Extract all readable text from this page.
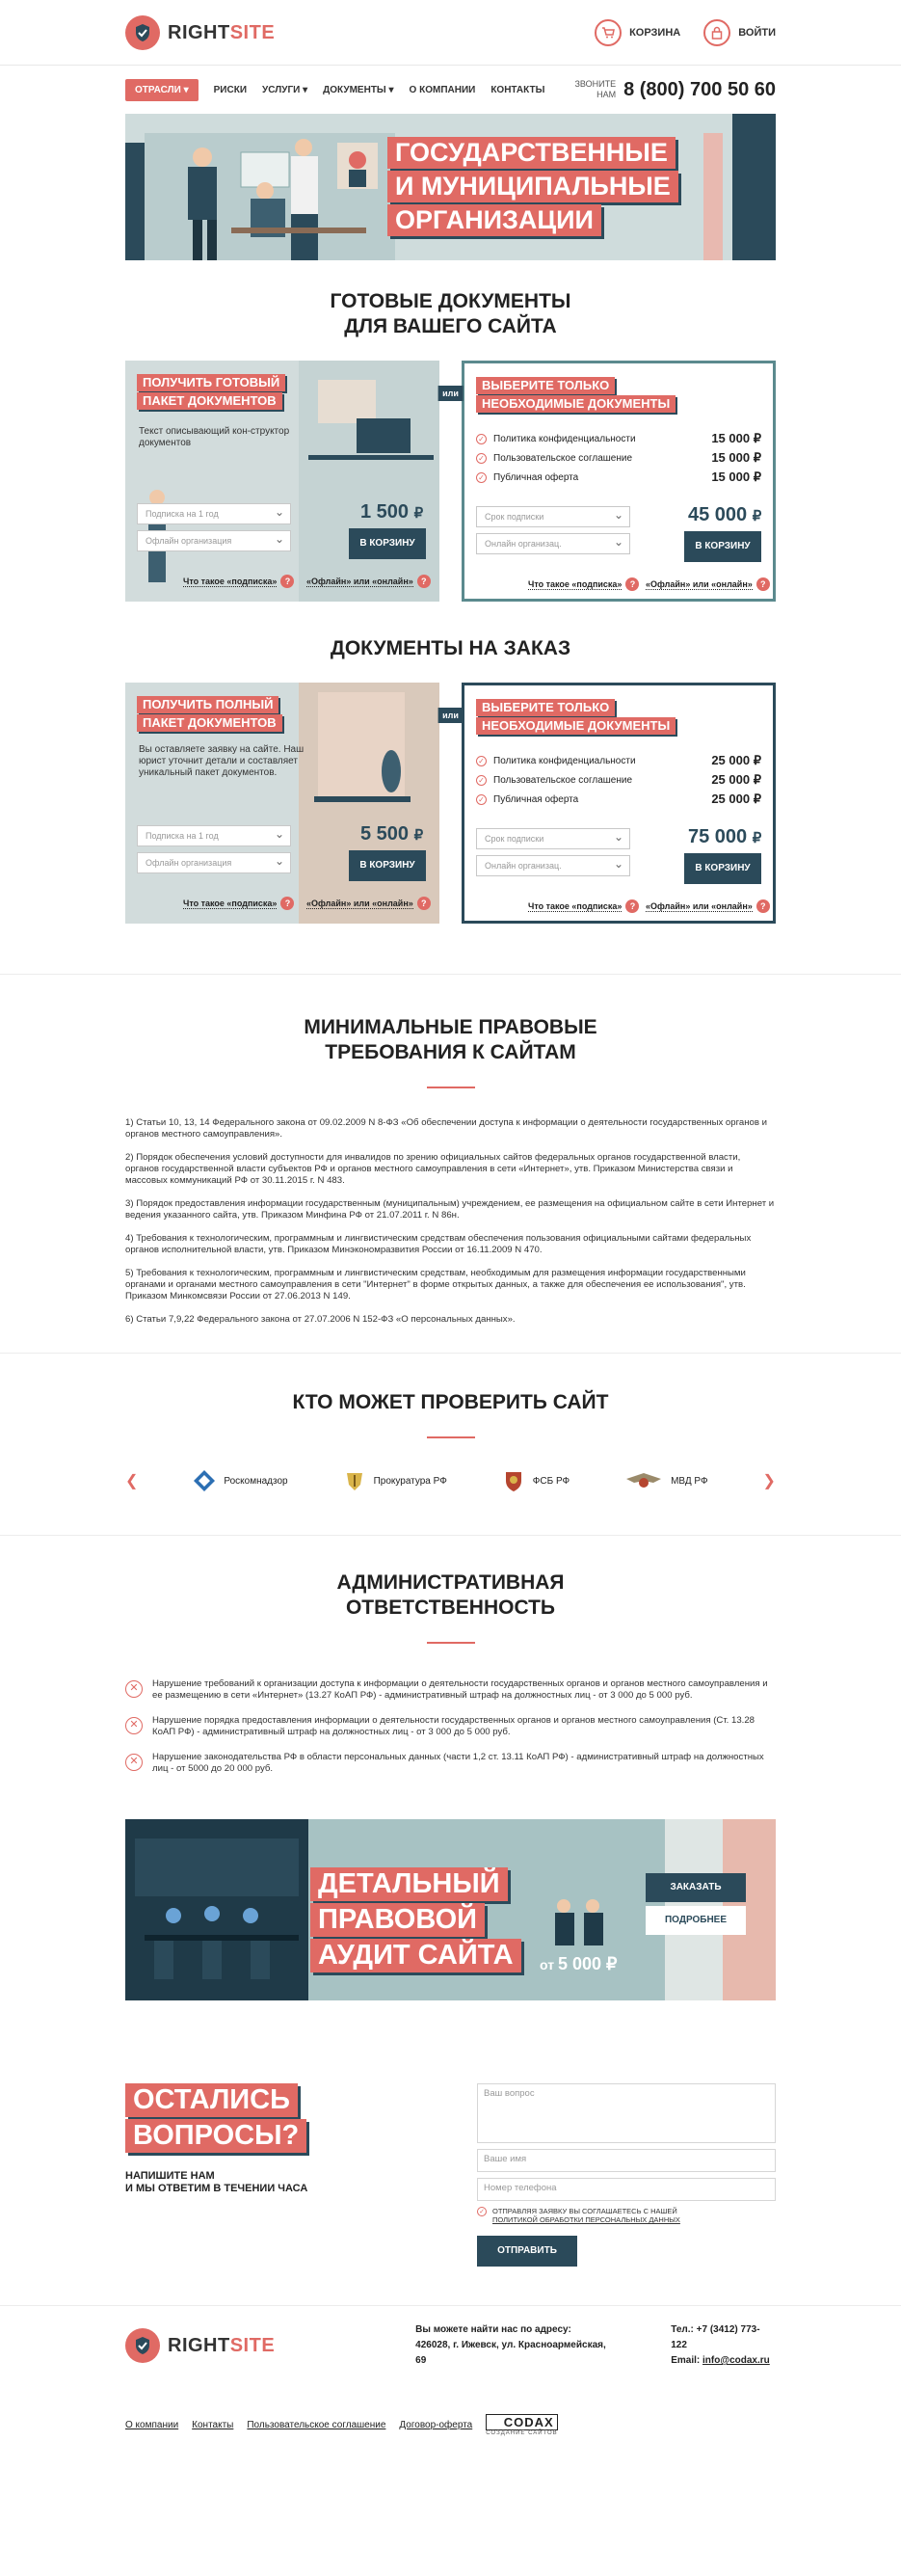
RIGHTSITE	КОРЗИНА	ВОЙТИ
ОТРАСЛИ ▾	РИСКИ УСЛУГИ ▾ ДОКУМЕНТЫ ▾ О КОМПАНИИ КОНТАКТЫ
ЗВОНИТЕ НАМ 8 (800) 700 50 60
ГОСУДАРСТВЕННЫЕ
И МУНИЦИПАЛЬНЫЕ
ОРГАНИЗАЦИИ
ГОТОВЫЕ ДОКУМЕНТЫ
ДЛЯ ВАШЕГО САЙТА
ПОЛУЧИТЬ ГОТОВЫЙ
ПАКЕТ ДОКУМЕНТОВ
Текст описывающий кон-структор документов
Подписка на 1 год ⌄
Офлайн организация ⌄
1 500 ₽
В КОРЗИНУ
Что такое «подписка» ?	«Офлайн» или «онлайн» ?
или
ВЫБЕРИТЕ ТОЛЬКО
НЕОБХОДИМЫЕ ДОКУМЕНТЫ
✓ Политика конфиденциальности	15 000 ₽
✓ Пользовательское соглашение	15 000 ₽
✓ Публичная оферта	15 000 ₽
Срок подписки ⌄
Онлайн организац. ⌄
45 000 ₽
В КОРЗИНУ
Что такое «подписка» ?	«Офлайн» или «онлайн» ?
ДОКУМЕНТЫ НА ЗАКАЗ
ПОЛУЧИТЬ ПОЛНЫЙ
ПАКЕТ ДОКУМЕНТОВ
Вы оставляете заявку на сайте. Наш юрист уточнит детали и составляет уникальный пакет документов.
Подписка на 1 год ⌄
Офлайн организация ⌄
5 500 ₽
В КОРЗИНУ
Что такое «подписка» ?	«Офлайн» или «онлайн» ?
или
ВЫБЕРИТЕ ТОЛЬКО
НЕОБХОДИМЫЕ ДОКУМЕНТЫ
✓ Политика конфиденциальности	25 000 ₽
✓ Пользовательское соглашение	25 000 ₽
✓ Публичная оферта	25 000 ₽
Срок подписки ⌄
Онлайн организац. ⌄
75 000 ₽
В КОРЗИНУ
Что такое «подписка» ?	«Офлайн» или «онлайн» ?
МИНИМАЛЬНЫЕ ПРАВОВЫЕ
ТРЕБОВАНИЯ К САЙТАМ

1) Статьи 10, 13, 14 Федерального закона от 09.02.2009 N 8-ФЗ «Об обеспечении доступа к информации о деятельности государственных органов и органов местного самоуправления».

2) Порядок обеспечения условий доступности для инвалидов по зрению официальных сайтов федеральных органов государственной власти, органов государственной власти субъектов РФ и органов местного самоуправления в сети «Интернет», утв. Приказом Министерства связи и массовых коммуникаций РФ от 30.11.2015 г. N 483.

3) Порядок предоставления информации государственным (муниципальным) учреждением, ее размещения на официальном сайте в сети Интернет и ведения указанного сайта, утв. Приказом Минфина РФ от 21.07.2011 г. N 86н.

4) Требования к технологическим, программным и лингвистическим средствам обеспечения пользования официальными сайтами федеральных органов исполнительной власти, утв. Приказом Минэкономразвития России от 16.11.2009 N 470.

5) Требования к технологическим, программным и лингвистическим средствам, необходимым для размещения информации государственными органами и органами местного самоуправления в сети "Интернет" в форме открытых данных, а также для обеспечения ее использования", утв. Приказом Минкомсвязи России от 27.06.2013 N 149.

6) Статьи 7,9,22 Федерального закона от 27.07.2006 N 152-ФЗ «О персональных данных».

КТО МОЖЕТ ПРОВЕРИТЬ САЙТ
❮	Роскомнадзор	Прокуратура РФ	ФСБ РФ	МВД РФ	❯
АДМИНИСТРАТИВНАЯ
ОТВЕТСТВЕННОСТЬ
✕	Нарушение требований к организации доступа к информации о деятельности государственных органов и органов местного самоуправления и ее размещению в сети «Интернет» (13.27 КоАП РФ) - административный штраф на должностных лиц - от 3 000 до 5 000 руб.
✕	Нарушение порядка предоставления информации о деятельности государственных органов и органов местного самоуправления (Ст. 13.28 КоАП РФ) - административный штраф на должностных лиц - от 3 000 до 5 000 руб.
✕	Нарушение законодательства РФ в области персональных данных (части 1,2 ст. 13.11 КоАП РФ) - административный штраф на должностных лиц - от 5000 до 20 000 руб.
ДЕТАЛЬНЫЙ
ПРАВОВОЙ
АУДИТ САЙТА	от 5 000 ₽
ЗАКАЗАТЬ
ПОДРОБНЕЕ
ОСТАЛИСЬ
ВОПРОСЫ?
НАПИШИТЕ НАМ
И МЫ ОТВЕТИМ В ТЕЧЕНИИ ЧАСА
Ваш вопрос
Ваше имя
Номер телефона
✓ ОТПРАВЛЯЯ ЗАЯВКУ ВЫ СОГЛАШАЕТЕСЬ С НАШЕЙ
ПОЛИТИКОЙ ОБРАБОТКИ ПЕРСОНАЛЬНЫХ ДАННЫХ
ОТПРАВИТЬ
RIGHTSITE
Вы можете найти нас по адресу:
426028, г. Ижевск, ул. Красноармейская, 69
Тел.: +7 (3412) 773-122
Email: info@codax.ru
О компании Контакты Пользовательское соглашение Договор-оферта	CODAX
СОЗДАНИЕ САЙТОВ
